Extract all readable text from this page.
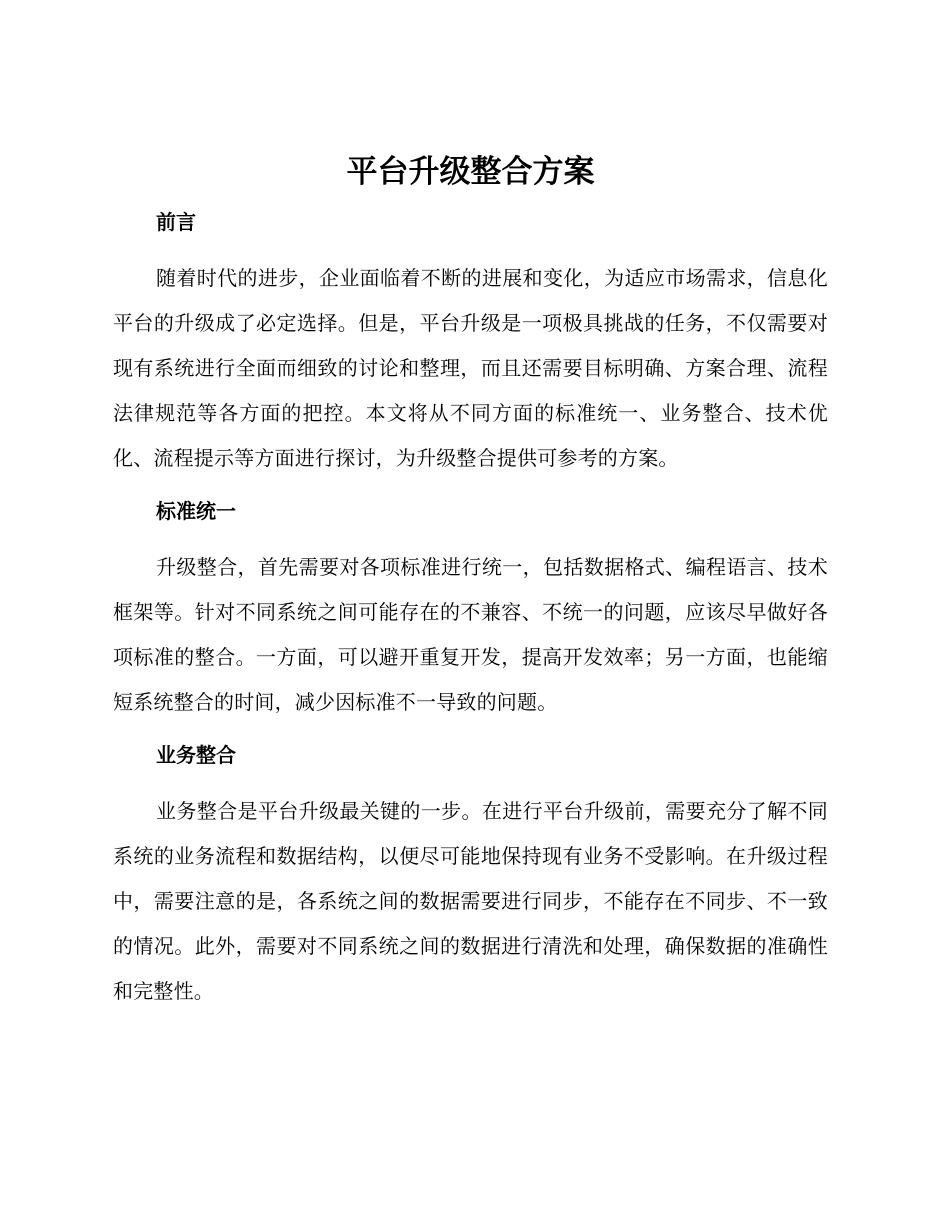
平台升级整合方案
前言

随着时代的进步，企业面临着不断的进展和变化，为适应市场需求，信息化平台的升级成了必定选择。但是，平台升级是一项极具挑战的任务，不仅需要对现有系统进行全面而细致的讨论和整理，而且还需要目标明确、方案合理、流程法律规范等各方面的把控。本文将从不同方面的标准统一、业务整合、技术优化、流程提示等方面进行探讨，为升级整合提供可参考的方案。

标准统一

升级整合，首先需要对各项标准进行统一，包括数据格式、编程语言、技术框架等。针对不同系统之间可能存在的不兼容、不统一的问题，应该尽早做好各项标准的整合。一方面，可以避开重复开发，提高开发效率；另一方面，也能缩短系统整合的时间，减少因标准不一导致的问题。

业务整合

业务整合是平台升级最关键的一步。在进行平台升级前，需要充分了解不同系统的业务流程和数据结构，以便尽可能地保持现有业务不受影响。在升级过程中，需要注意的是，各系统之间的数据需要进行同步，不能存在不同步、不一致的情况。此外，需要对不同系统之间的数据进行清洗和处理，确保数据的准确性和完整性。
